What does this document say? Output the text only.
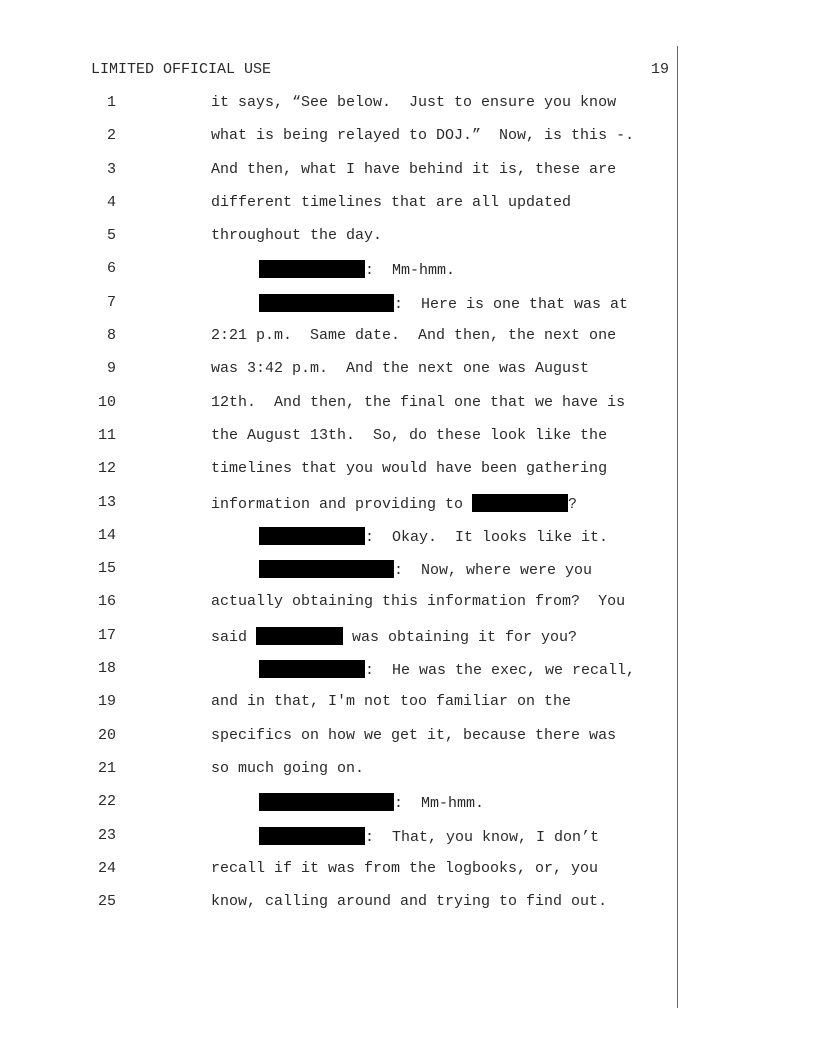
LIMITED OFFICIAL USE	19
1	it says, “See below.  Just to ensure you know
2	what is being relayed to DOJ.”  Now, is this -.
3	And then, what I have behind it is, these are
4	different timelines that are all updated
5	throughout the day.
6	:  Mm-hmm.
7	:  Here is one that was at
8	2:21 p.m.  Same date.  And then, the next one
9	was 3:42 p.m.  And the next one was August
10	12th.  And then, the final one that we have is
11	the August 13th.  So, do these look like the
12	timelines that you would have been gathering
13	information and providing to	?
14	:  Okay.  It looks like it.
15	:  Now, where were you
16	actually obtaining this information from?  You
17	said	was obtaining it for you?
18	:  He was the exec, we recall,
19	and in that, I'm not too familiar on the
20	specifics on how we get it, because there was
21	so much going on.
22	:  Mm-hmm.
23	:  That, you know, I don’t
24	recall if it was from the logbooks, or, you
25	know, calling around and trying to find out.
